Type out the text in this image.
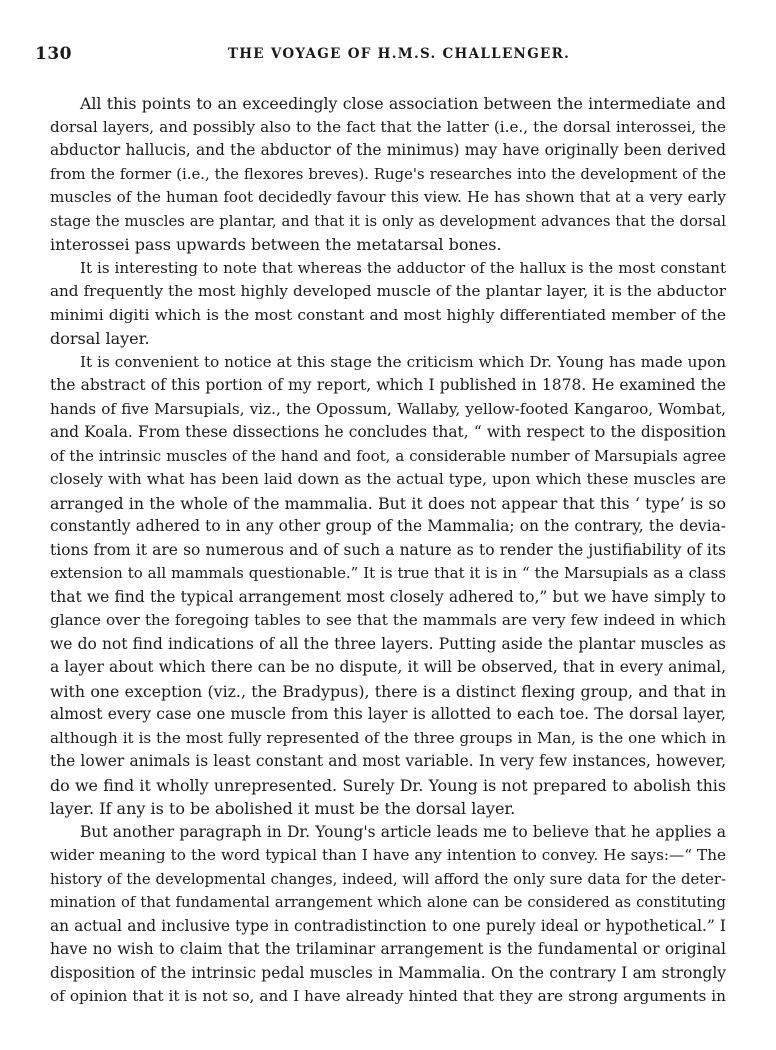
130	THE VOYAGE OF H.M.S. CHALLENGER.

All this points to an exceedingly close association between the intermediate and
dorsal layers, and possibly also to the fact that the latter (i.e., the dorsal interossei, the
abductor hallucis, and the abductor of the minimus) may have originally been derived
from the former (i.e., the flexores breves). Ruge's researches into the development of the
muscles of the human foot decidedly favour this view. He has shown that at a very early
stage the muscles are plantar, and that it is only as development advances that the dorsal
interossei pass upwards between the metatarsal bones.

It is interesting to note that whereas the adductor of the hallux is the most constant
and frequently the most highly developed muscle of the plantar layer, it is the abductor
minimi digiti which is the most constant and most highly differentiated member of the
dorsal layer.

It is convenient to notice at this stage the criticism which Dr. Young has made upon
the abstract of this portion of my report, which I published in 1878. He examined the
hands of five Marsupials, viz., the Opossum, Wallaby, yellow-footed Kangaroo, Wombat,
and Koala. From these dissections he concludes that, “ with respect to the disposition
of the intrinsic muscles of the hand and foot, a considerable number of Marsupials agree
closely with what has been laid down as the actual type, upon which these muscles are
arranged in the whole of the mammalia. But it does not appear that this ‘ type’ is so
constantly adhered to in any other group of the Mammalia; on the contrary, the devia-
tions from it are so numerous and of such a nature as to render the justifiability of its
extension to all mammals questionable.” It is true that it is in “ the Marsupials as a class
that we find the typical arrangement most closely adhered to,” but we have simply to
glance over the foregoing tables to see that the mammals are very few indeed in which
we do not find indications of all the three layers. Putting aside the plantar muscles as
a layer about which there can be no dispute, it will be observed, that in every animal,
with one exception (viz., the Bradypus), there is a distinct flexing group, and that in
almost every case one muscle from this layer is allotted to each toe. The dorsal layer,
although it is the most fully represented of the three groups in Man, is the one which in
the lower animals is least constant and most variable. In very few instances, however,
do we find it wholly unrepresented. Surely Dr. Young is not prepared to abolish this
layer. If any is to be abolished it must be the dorsal layer.

But another paragraph in Dr. Young's article leads me to believe that he applies a
wider meaning to the word typical than I have any intention to convey. He says:—“ The
history of the developmental changes, indeed, will afford the only sure data for the deter-
mination of that fundamental arrangement which alone can be considered as constituting
an actual and inclusive type in contradistinction to one purely ideal or hypothetical.” I
have no wish to claim that the trilaminar arrangement is the fundamental or original
disposition of the intrinsic pedal muscles in Mammalia. On the contrary I am strongly
of opinion that it is not so, and I have already hinted that they are strong arguments in
